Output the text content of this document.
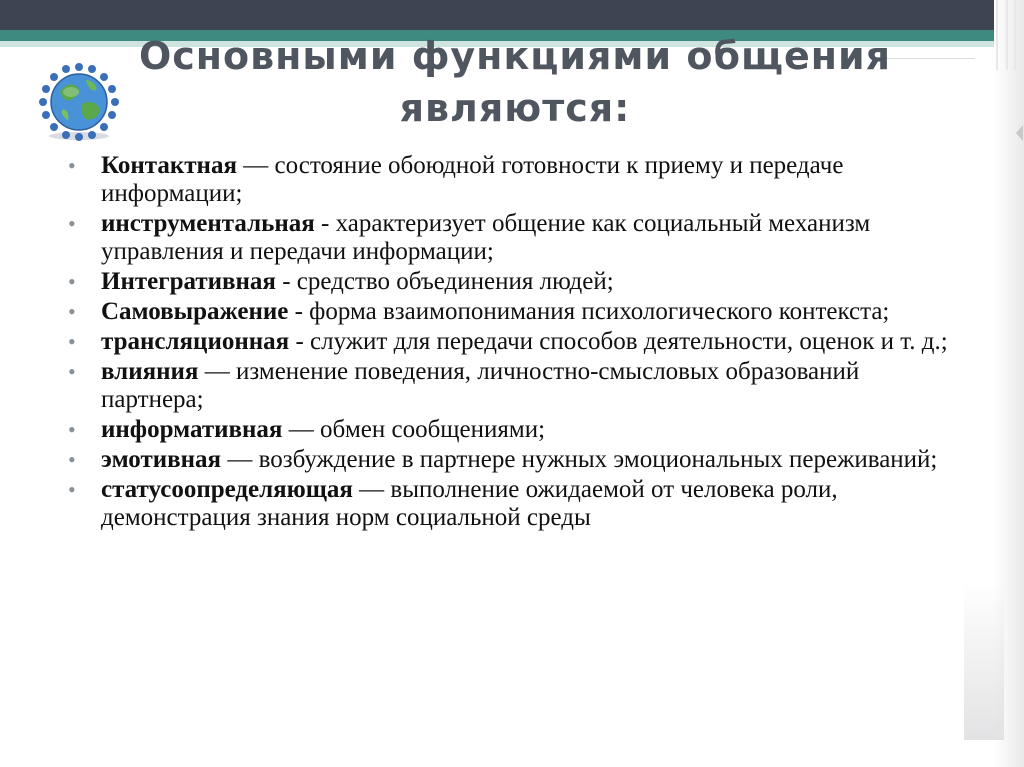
Основными функциями общения
являются:
• Контактная — состояние обоюдной готовности к приему и передаче информации;
• инструментальная - характеризует общение как социальный механизм управления и передачи информации;
• Интегративная - средство объединения людей;
• Самовыражение - форма взаимопонимания психологического контекста;
• трансляционная - служит для передачи способов деятельности, оценок и т. д.;
• влияния — изменение поведения, личностно-смысловых образований партнера;
• информативная — обмен сообщениями;
• эмотивная — возбуждение в партнере нужных эмоциональных переживаний;
• статусоопределяющая — выполнение ожидаемой от человека роли, демонстрация знания норм социальной среды
